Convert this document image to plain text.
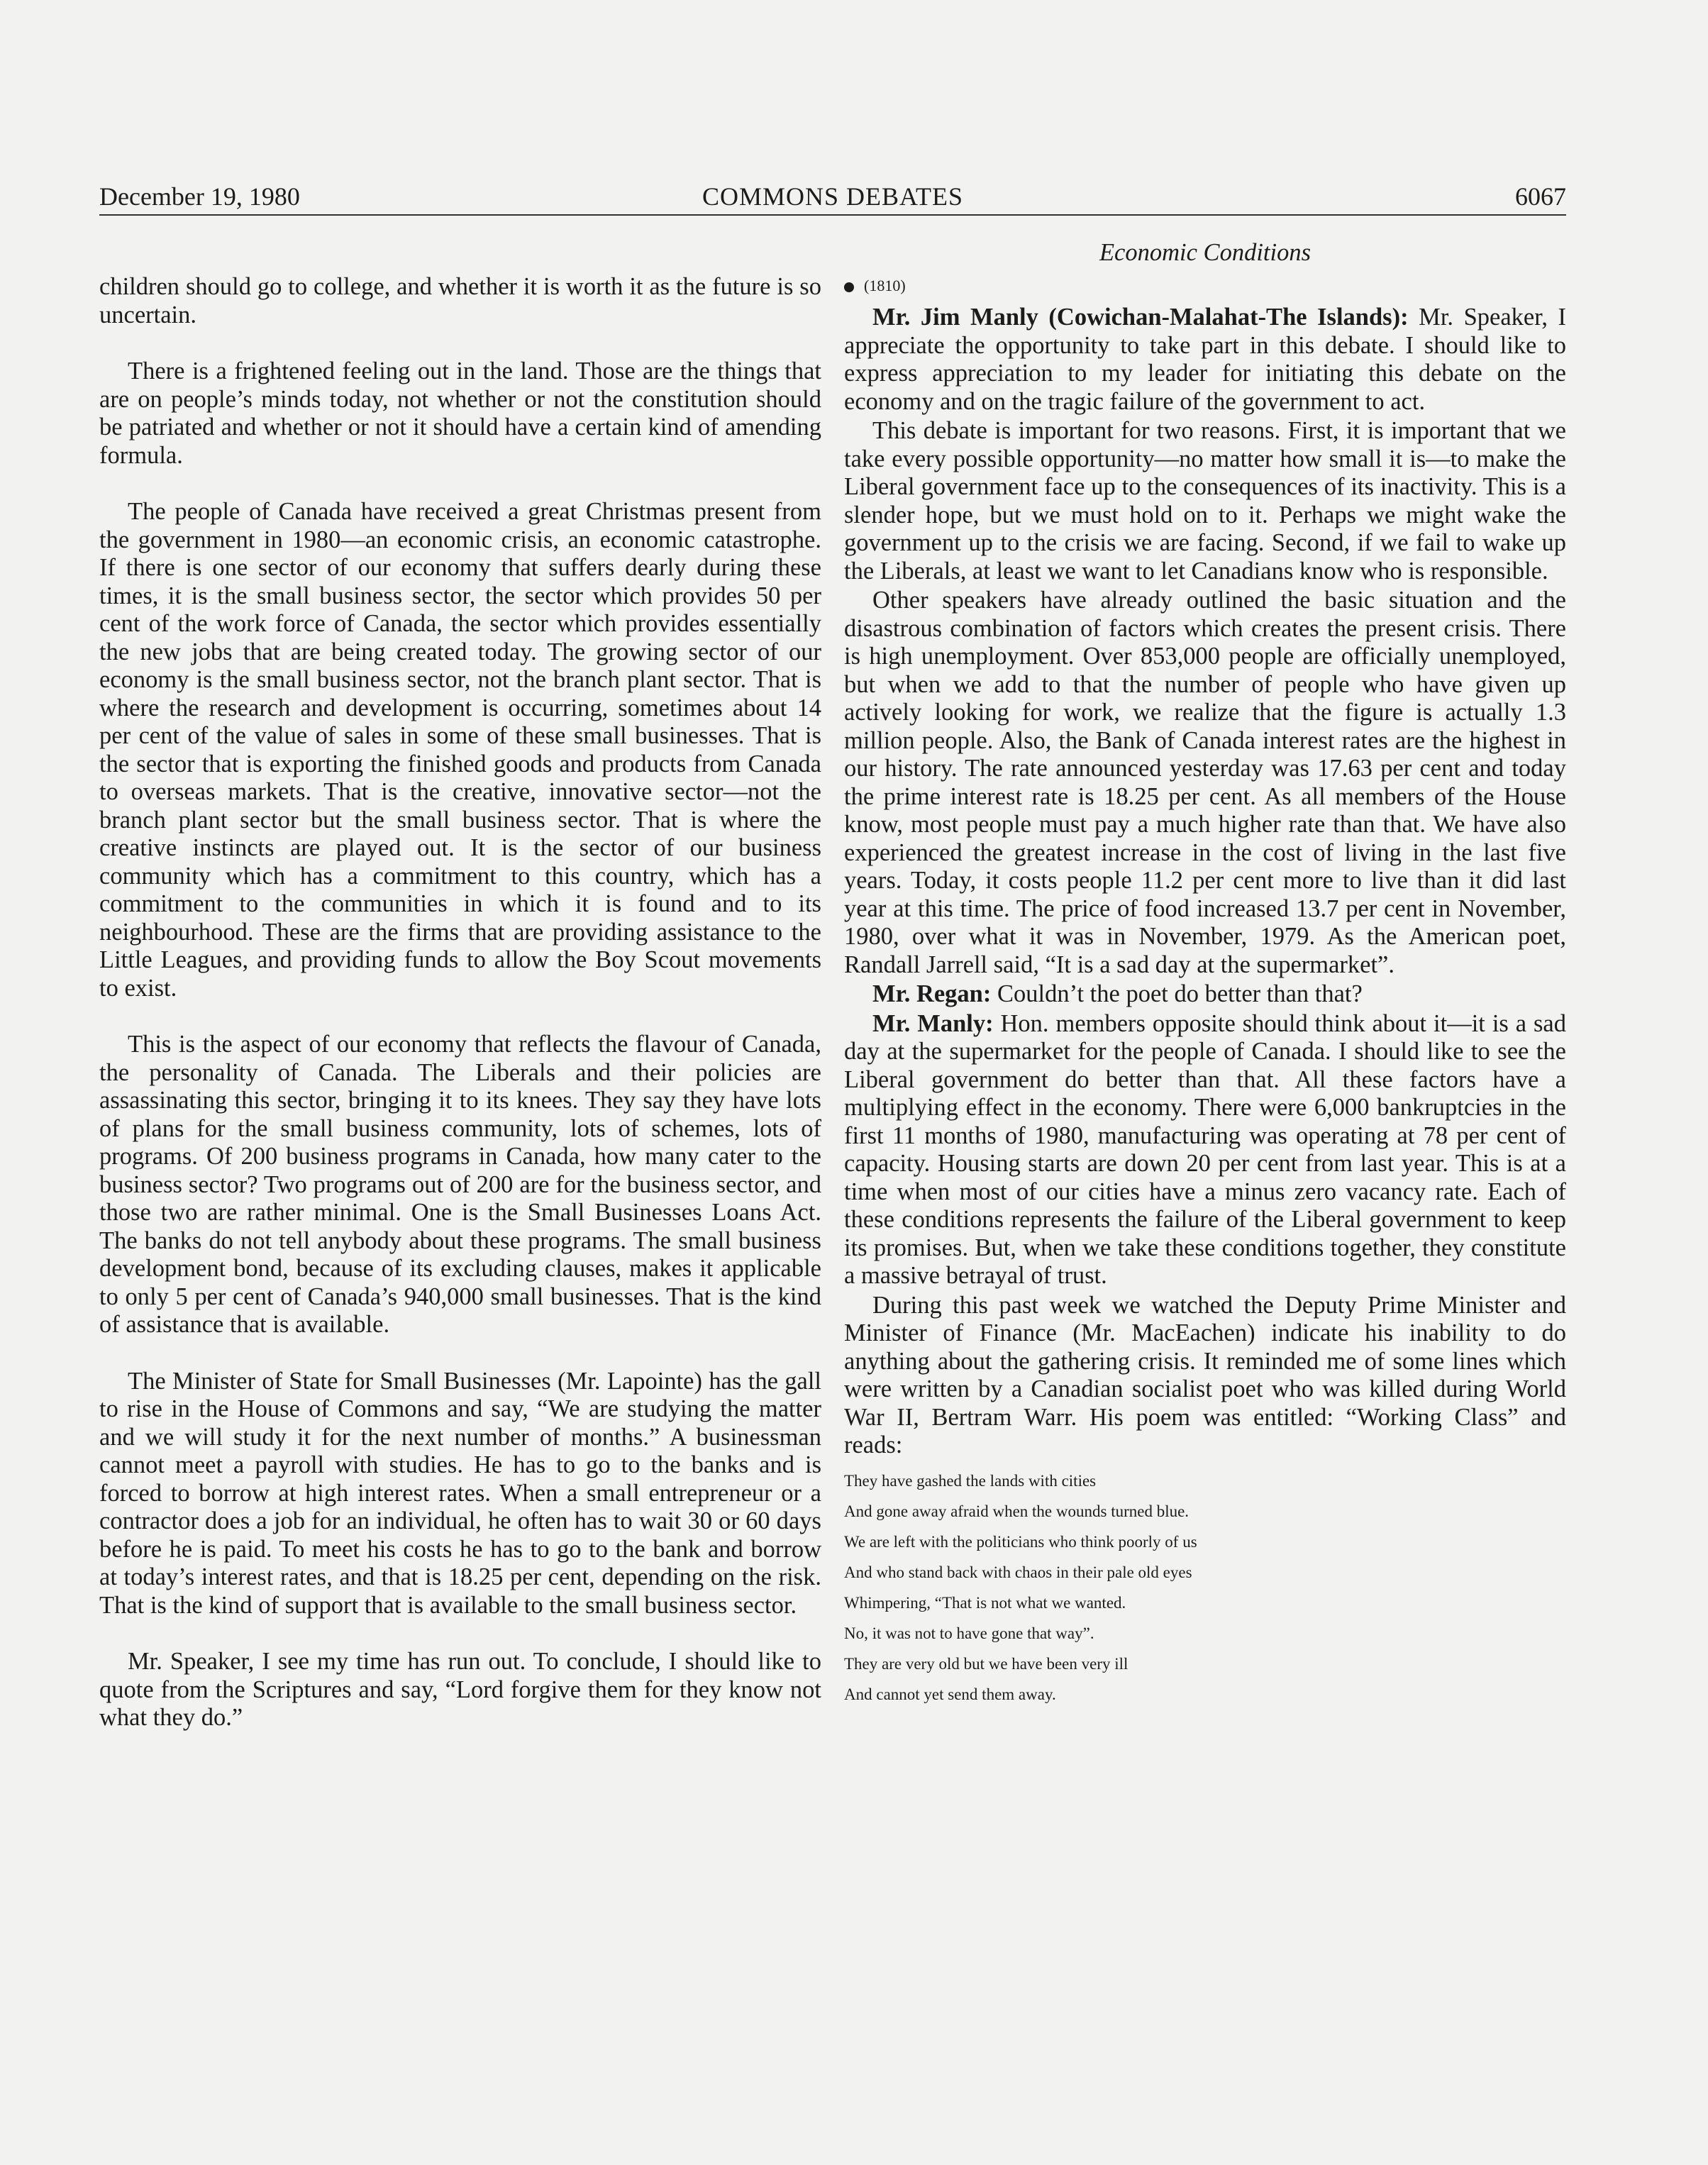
December 19, 1980	COMMONS DEBATES	6067

children should go to college, and whether it is worth it as the future is so uncertain.

There is a frightened feeling out in the land. Those are the things that are on people’s minds today, not whether or not the constitution should be patriated and whether or not it should have a certain kind of amending formula.

The people of Canada have received a great Christmas present from the government in 1980—an economic crisis, an economic catastrophe. If there is one sector of our economy that suffers dearly during these times, it is the small business sector, the sector which provides 50 per cent of the work force of Canada, the sector which provides essentially the new jobs that are being created today. The growing sector of our economy is the small business sector, not the branch plant sector. That is where the research and development is occurring, sometimes about 14 per cent of the value of sales in some of these small businesses. That is the sector that is exporting the finished goods and products from Canada to overseas markets. That is the creative, innovative sector—not the branch plant sector but the small business sector. That is where the creative instincts are played out. It is the sector of our business community which has a commitment to this country, which has a commitment to the communities in which it is found and to its neighbourhood. These are the firms that are providing assistance to the Little Leagues, and providing funds to allow the Boy Scout movements to exist.

This is the aspect of our economy that reflects the flavour of Canada, the personality of Canada. The Liberals and their policies are assassinating this sector, bringing it to its knees. They say they have lots of plans for the small business community, lots of schemes, lots of programs. Of 200 business programs in Canada, how many cater to the business sector? Two programs out of 200 are for the business sector, and those two are rather minimal. One is the Small Businesses Loans Act. The banks do not tell anybody about these programs. The small business development bond, because of its excluding clauses, makes it applicable to only 5 per cent of Canada’s 940,000 small businesses. That is the kind of assistance that is available.

The Minister of State for Small Businesses (Mr. Lapointe) has the gall to rise in the House of Commons and say, “We are studying the matter and we will study it for the next number of months.” A businessman cannot meet a payroll with studies. He has to go to the banks and is forced to borrow at high interest rates. When a small entrepreneur or a contractor does a job for an individual, he often has to wait 30 or 60 days before he is paid. To meet his costs he has to go to the bank and borrow at today’s interest rates, and that is 18.25 per cent, depending on the risk. That is the kind of support that is available to the small business sector.

Mr. Speaker, I see my time has run out. To conclude, I should like to quote from the Scriptures and say, “Lord forgive them for they know not what they do.”

Economic Conditions
(1810)

Mr. Jim Manly (Cowichan-Malahat-The Islands): Mr. Speaker, I appreciate the opportunity to take part in this debate. I should like to express appreciation to my leader for initiating this debate on the economy and on the tragic failure of the government to act.

This debate is important for two reasons. First, it is important that we take every possible opportunity—no matter how small it is—to make the Liberal government face up to the consequences of its inactivity. This is a slender hope, but we must hold on to it. Perhaps we might wake the government up to the crisis we are facing. Second, if we fail to wake up the Liberals, at least we want to let Canadians know who is responsible.

Other speakers have already outlined the basic situation and the disastrous combination of factors which creates the present crisis. There is high unemployment. Over 853,000 people are officially unemployed, but when we add to that the number of people who have given up actively looking for work, we realize that the figure is actually 1.3 million people. Also, the Bank of Canada interest rates are the highest in our history. The rate announced yesterday was 17.63 per cent and today the prime interest rate is 18.25 per cent. As all members of the House know, most people must pay a much higher rate than that. We have also experienced the greatest increase in the cost of living in the last five years. Today, it costs people 11.2 per cent more to live than it did last year at this time. The price of food increased 13.7 per cent in November, 1980, over what it was in November, 1979. As the American poet, Randall Jarrell said, “It is a sad day at the supermarket”.

Mr. Regan: Couldn’t the poet do better than that?

Mr. Manly: Hon. members opposite should think about it—it is a sad day at the supermarket for the people of Canada. I should like to see the Liberal government do better than that. All these factors have a multiplying effect in the economy. There were 6,000 bankruptcies in the first 11 months of 1980, manufacturing was operating at 78 per cent of capacity. Housing starts are down 20 per cent from last year. This is at a time when most of our cities have a minus zero vacancy rate. Each of these conditions represents the failure of the Liberal government to keep its promises. But, when we take these conditions together, they constitute a massive betrayal of trust.

During this past week we watched the Deputy Prime Minister and Minister of Finance (Mr. MacEachen) indicate his inability to do anything about the gathering crisis. It reminded me of some lines which were written by a Canadian socialist poet who was killed during World War II, Bertram Warr. His poem was entitled: “Working Class” and reads:

They have gashed the lands with cities
And gone away afraid when the wounds turned blue.
We are left with the politicians who think poorly of us
And who stand back with chaos in their pale old eyes
Whimpering, “That is not what we wanted.
No, it was not to have gone that way”.
They are very old but we have been very ill
And cannot yet send them away.
